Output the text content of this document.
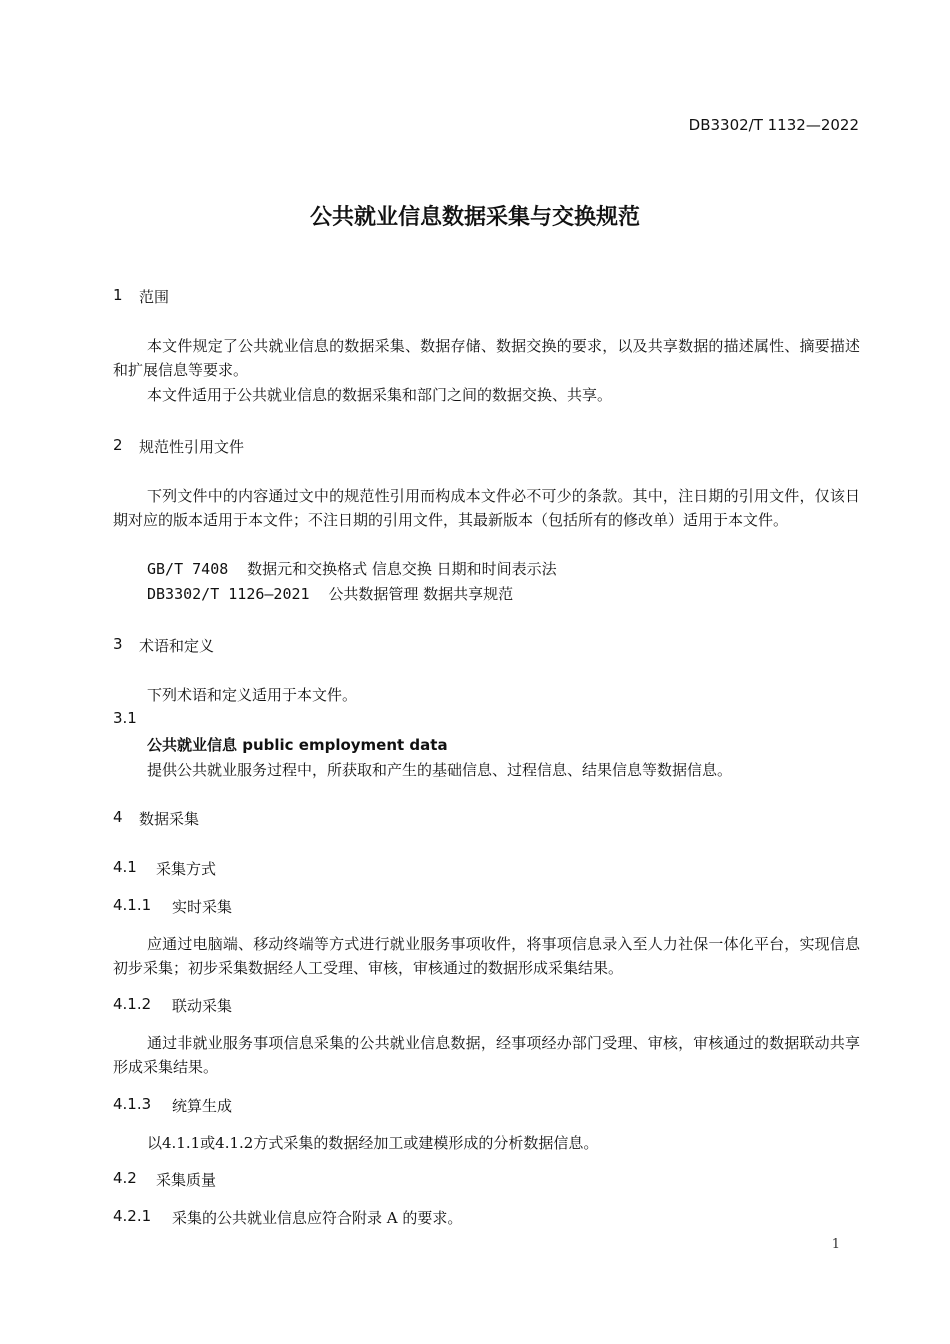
DB3302/T 1132—2022
公共就业信息数据采集与交换规范
1 范围
本文件规定了公共就业信息的数据采集、数据存储、数据交换的要求，以及共享数据的描述属性、摘要描述和扩展信息等要求。
本文件适用于公共就业信息的数据采集和部门之间的数据交换、共享。
2 规范性引用文件
下列文件中的内容通过文中的规范性引用而构成本文件必不可少的条款。其中，注日期的引用文件，仅该日期对应的版本适用于本文件；不注日期的引用文件，其最新版本（包括所有的修改单）适用于本文件。
GB/T 7408 数据元和交换格式 信息交换 日期和时间表示法
DB3302/T 1126—2021 公共数据管理 数据共享规范
3 术语和定义
下列术语和定义适用于本文件。
3.1
公共就业信息 public employment data
提供公共就业服务过程中，所获取和产生的基础信息、过程信息、结果信息等数据信息。
4 数据采集
4.1 采集方式
4.1.1 实时采集
应通过电脑端、移动终端等方式进行就业服务事项收件，将事项信息录入至人力社保一体化平台，实现信息初步采集；初步采集数据经人工受理、审核，审核通过的数据形成采集结果。
4.1.2 联动采集
通过非就业服务事项信息采集的公共就业信息数据，经事项经办部门受理、审核，审核通过的数据联动共享形成采集结果。
4.1.3 统算生成
以4.1.1或4.1.2方式采集的数据经加工或建模形成的分析数据信息。
4.2 采集质量
4.2.1 采集的公共就业信息应符合附录 A 的要求。
1
